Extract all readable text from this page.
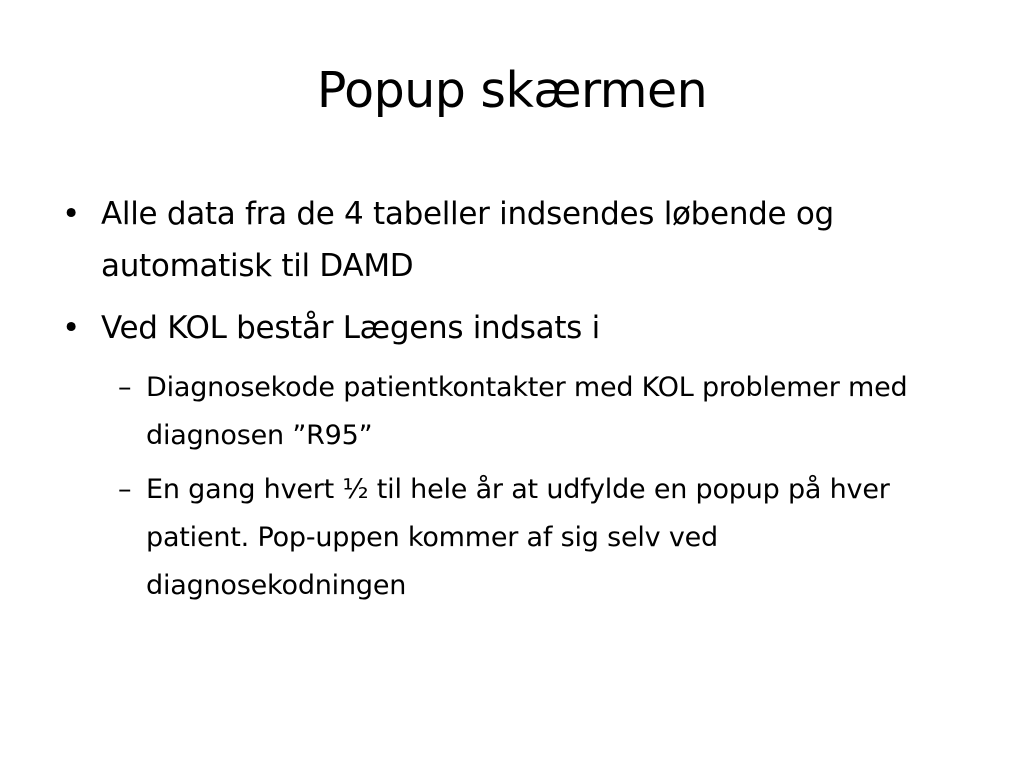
Popup skærmen
• Alle data fra de 4 tabeller indsendes løbende og automatisk til DAMD
• Ved KOL består Lægens indsats i
– Diagnosekode patientkontakter med KOL problemer med diagnosen ”R95”
– En gang hvert ½ til hele år at udfylde en popup på hver patient. Pop-uppen kommer af sig selv ved diagnosekodningen
